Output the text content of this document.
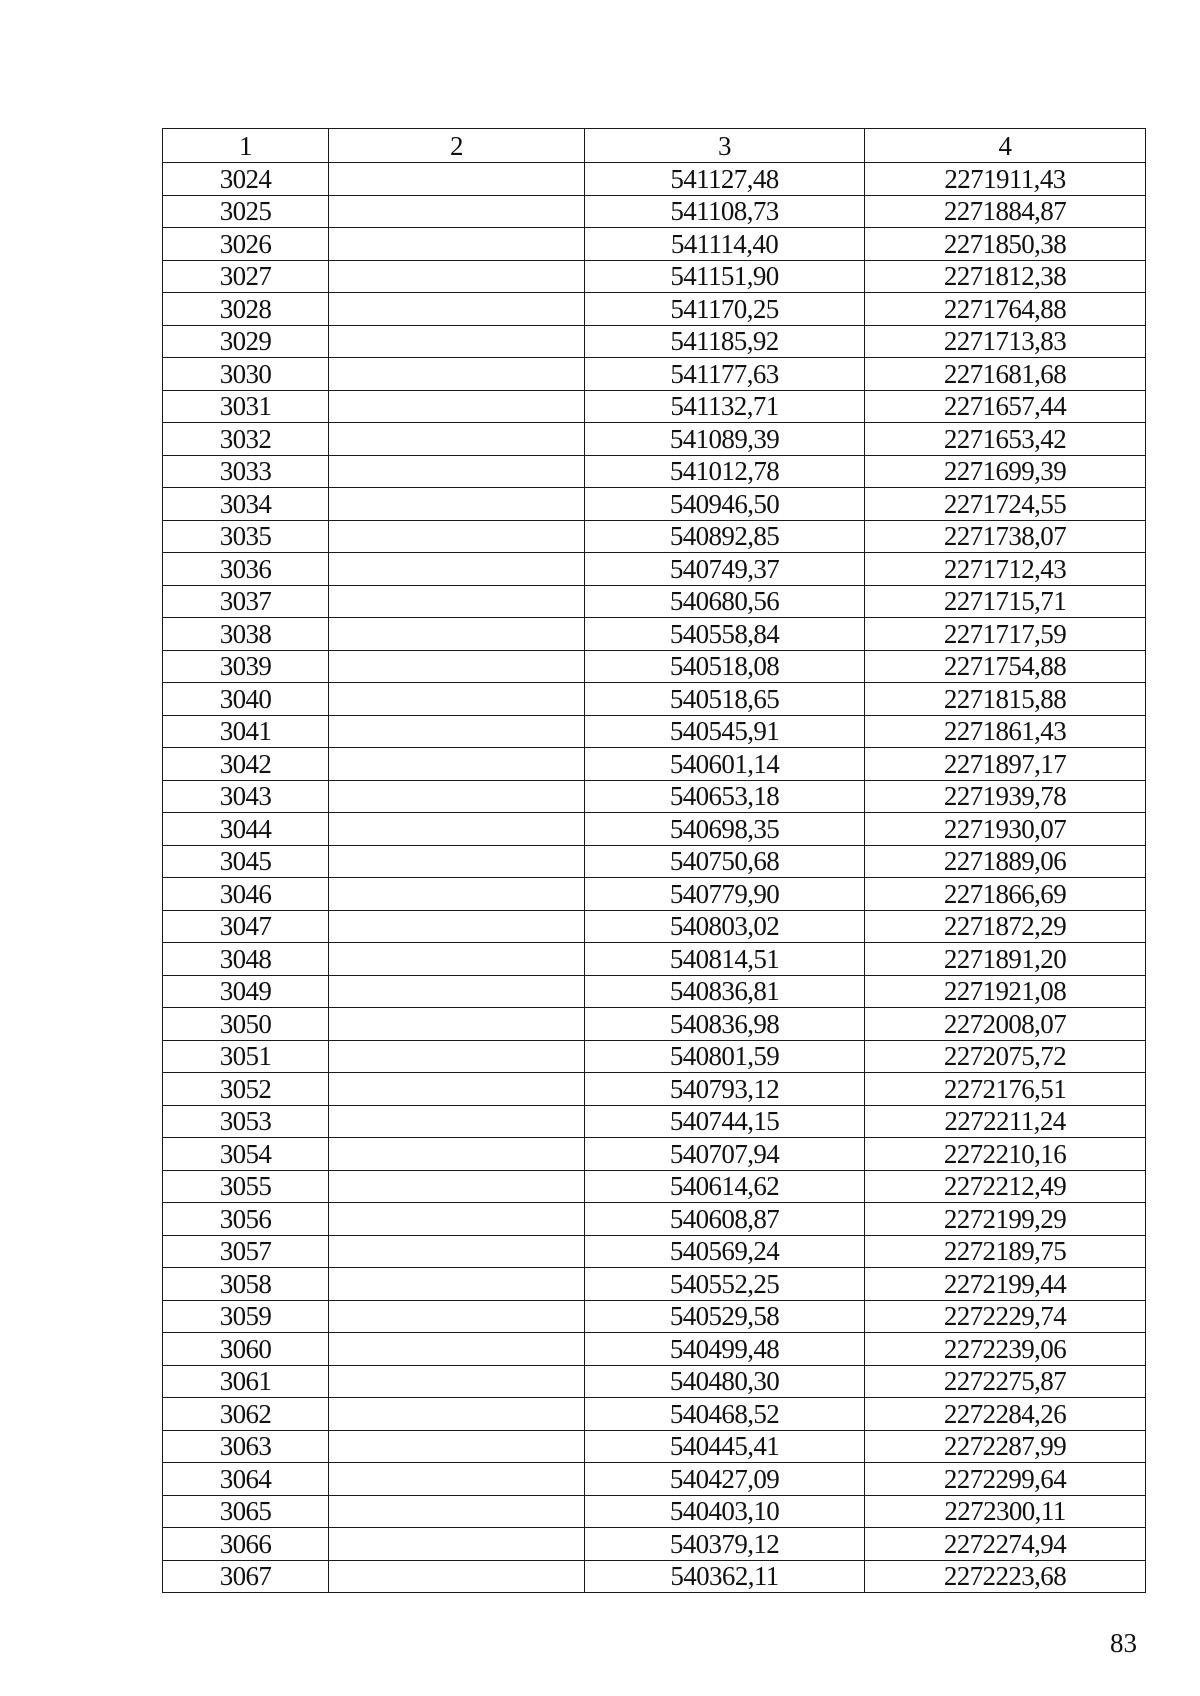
1	2	3	4
3024		541127,48	2271911,43
3025		541108,73	2271884,87
3026		541114,40	2271850,38
3027		541151,90	2271812,38
3028		541170,25	2271764,88
3029		541185,92	2271713,83
3030		541177,63	2271681,68
3031		541132,71	2271657,44
3032		541089,39	2271653,42
3033		541012,78	2271699,39
3034		540946,50	2271724,55
3035		540892,85	2271738,07
3036		540749,37	2271712,43
3037		540680,56	2271715,71
3038		540558,84	2271717,59
3039		540518,08	2271754,88
3040		540518,65	2271815,88
3041		540545,91	2271861,43
3042		540601,14	2271897,17
3043		540653,18	2271939,78
3044		540698,35	2271930,07
3045		540750,68	2271889,06
3046		540779,90	2271866,69
3047		540803,02	2271872,29
3048		540814,51	2271891,20
3049		540836,81	2271921,08
3050		540836,98	2272008,07
3051		540801,59	2272075,72
3052		540793,12	2272176,51
3053		540744,15	2272211,24
3054		540707,94	2272210,16
3055		540614,62	2272212,49
3056		540608,87	2272199,29
3057		540569,24	2272189,75
3058		540552,25	2272199,44
3059		540529,58	2272229,74
3060		540499,48	2272239,06
3061		540480,30	2272275,87
3062		540468,52	2272284,26
3063		540445,41	2272287,99
3064		540427,09	2272299,64
3065		540403,10	2272300,11
3066		540379,12	2272274,94
3067		540362,11	2272223,68
83
